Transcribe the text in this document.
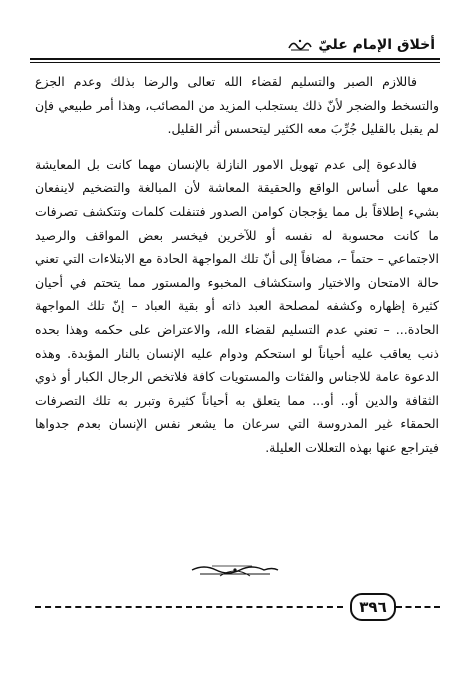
أخلاق الإمام عليّ

فاللازم الصبر والتسليم لقضاء الله تعالى والرضا بذلك وعدم الجزع والتسخط والضجر لأنّ ذلك يستجلب المزيد من المصائب، وهذا أمر طبيعي فإن لم يقبل بالقليل جُرِّبَ معه الكثير ليتحسس أثر القليل.

فالدعوة إلى عدم تهويل الامور النازلة بالإنسان مهما كانت بل المعايشة معها على أساس الواقع والحقيقة المعاشة لأن المبالغة والتضخيم لاينفعان بشيء إطلاقاً بل مما يؤججان كوامن الصدور فتنفلت كلمات وتتكشف تصرفات ما كانت محسوبة له نفسه أو للآخرين فيخسر بعض المواقف والرصيد الاجتماعي – حتماً –، مضافاً إلى أنّ تلك المواجهة الحادة مع الابتلاءات التي تعني حالة الامتحان والاختيار واستكشاف المخبوء والمستور مما يتحتم في أحيان كثيرة إظهاره وكشفه لمصلحة العبد ذاته أو بقية العباد – إنّ تلك المواجهة الحادة... – تعني عدم التسليم لقضاء الله، والاعتراض على حكمه وهذا بحده ذنب يعاقب عليه أحياناً لو استحكم ودوام عليه الإنسان بالنار المؤبدة. وهذه الدعوة عامة للاجناس والفئات والمستويات كافة فلاتخص الرجال الكبار أو ذوي الثقافة والدين أو.. أو... مما يتعلق به أحياناً كثيرة وتبرر به تلك التصرفات الحمقاء غير المدروسة التي سرعان ما يشعر نفس الإنسان بعدم جدواها فيتراجع عنها بهذه التعللات العليلة.

٣٩٦
